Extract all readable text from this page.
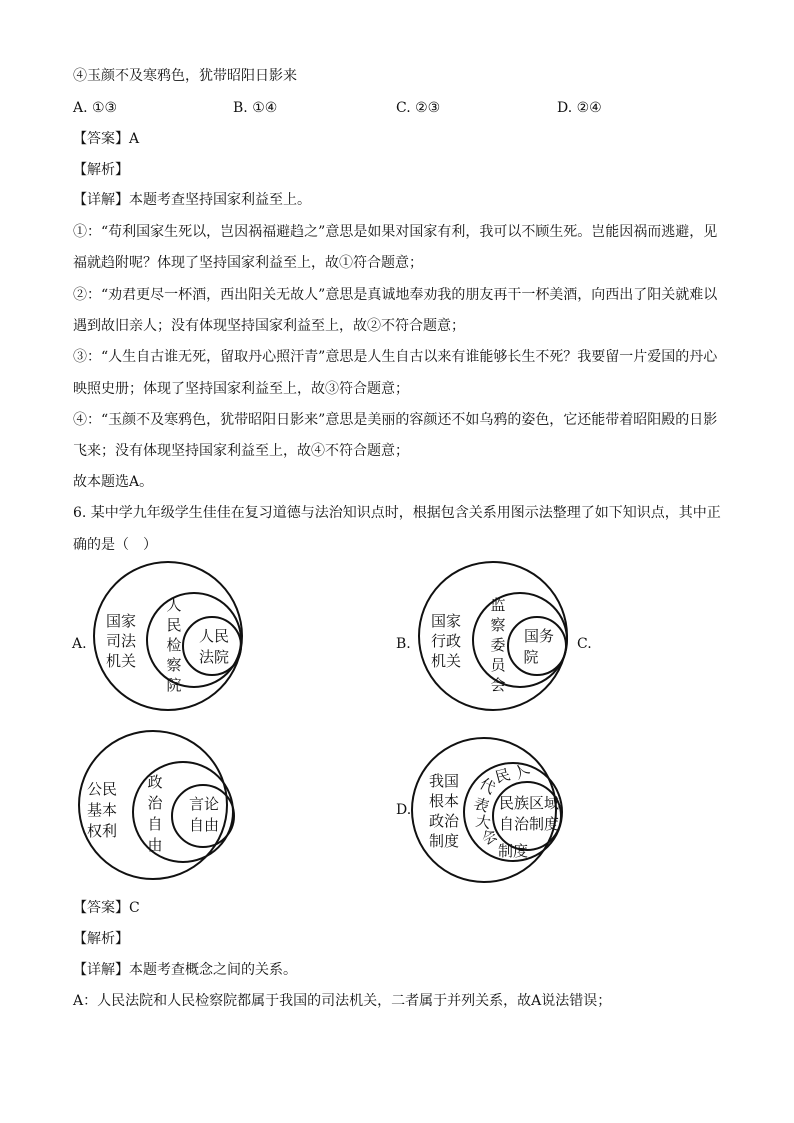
④玉颜不及寒鸦色，犹带昭阳日影来
A. ①③	B. ①④	C. ②③	D. ②④
【答案】A
【解析】
【详解】本题考查坚持国家利益至上。
①：“苟利国家生死以，岂因祸福避趋之”意思是如果对国家有利，我可以不顾生死。岂能因祸而逃避，见
福就趋附呢？体现了坚持国家利益至上，故①符合题意；
②：“劝君更尽一杯酒，西出阳关无故人”意思是真诚地奉劝我的朋友再干一杯美酒，向西出了阳关就难以
遇到故旧亲人；没有体现坚持国家利益至上，故②不符合题意；
③：“人生自古谁无死，留取丹心照汗青”意思是人生自古以来有谁能够长生不死？我要留一片爱国的丹心
映照史册；体现了坚持国家利益至上，故③符合题意；
④：“玉颜不及寒鸦色，犹带昭阳日影来”意思是美丽的容颜还不如乌鸦的姿色，它还能带着昭阳殿的日影
飞来；没有体现坚持国家利益至上，故④不符合题意；
故本题选A。
6. 某中学九年级学生佳佳在复习道德与法治知识点时，根据包含关系用图示法整理了如下知识点，其中正
确的是（　）
A.	B.	C.
D.
国家
司法
机关
人
民
检
察
院
人民
法院
国家
行政
机关
监
察
委
员
会
国务
院
公民
基本
权利
政
治
自
由
言论
自由
我国
根本
政治
制度
人
民
代
表
大
会
制度
民族区域
自治制度
【答案】C
【解析】
【详解】本题考查概念之间的关系。
A：人民法院和人民检察院都属于我国的司法机关，二者属于并列关系，故A说法错误；
